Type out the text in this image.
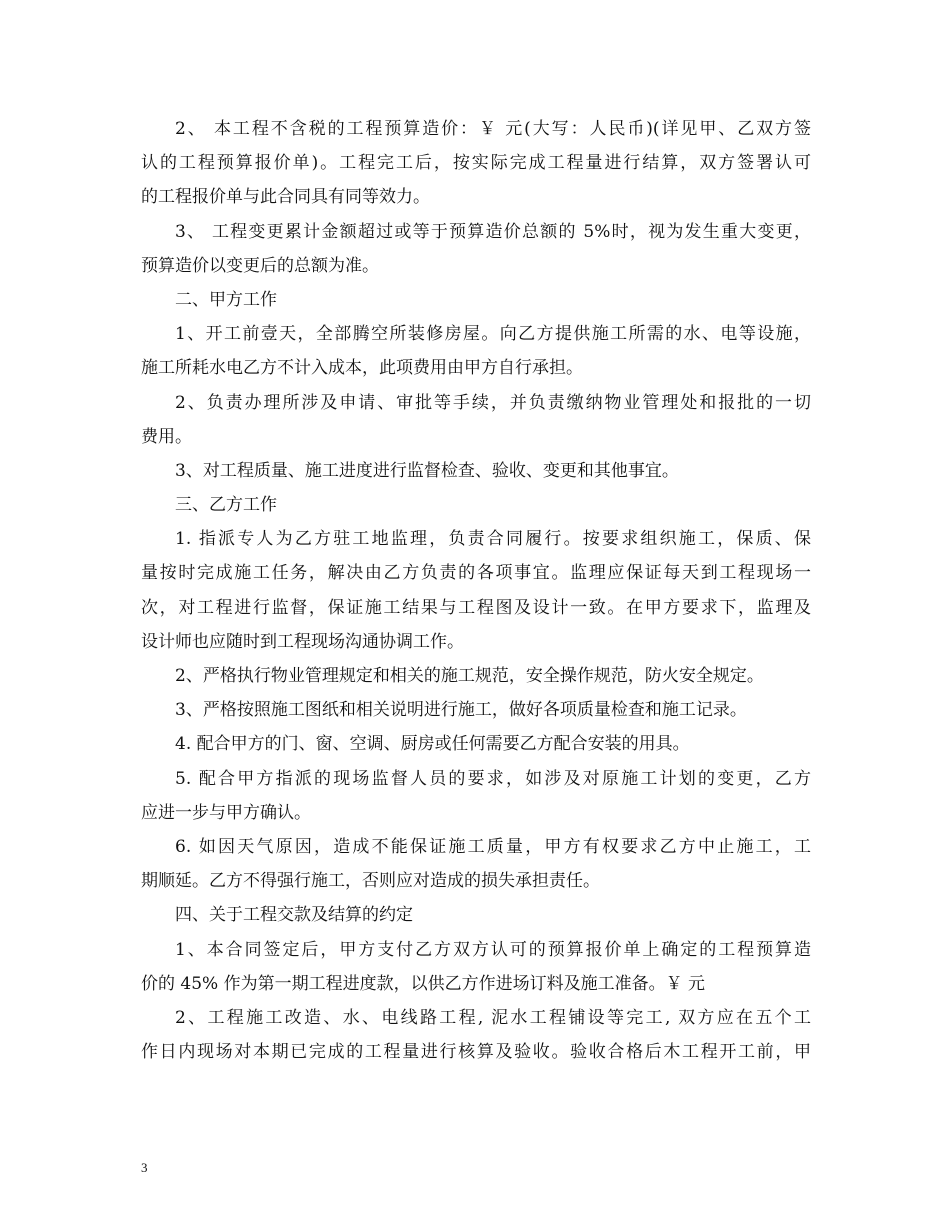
2、 本工程不含税的工程预算造价：￥ 元(大写：人民币)(详见甲、乙双方签
认的工程预算报价单)。工程完工后，按实际完成工程量进行结算，双方签署认可
的工程报价单与此合同具有同等效力。
3、 工程变更累计金额超过或等于预算造价总额的 5%时，视为发生重大变更，
预算造价以变更后的总额为准。
二、甲方工作
1、开工前壹天，全部腾空所装修房屋。向乙方提供施工所需的水、电等设施，
施工所耗水电乙方不计入成本，此项费用由甲方自行承担。
2、负责办理所涉及申请、审批等手续，并负责缴纳物业管理处和报批的一切
费用。
3、对工程质量、施工进度进行监督检查、验收、变更和其他事宜。
三、乙方工作
1. 指派专人为乙方驻工地监理，负责合同履行。按要求组织施工，保质、保
量按时完成施工任务，解决由乙方负责的各项事宜。监理应保证每天到工程现场一
次，对工程进行监督，保证施工结果与工程图及设计一致。在甲方要求下，监理及
设计师也应随时到工程现场沟通协调工作。
2、严格执行物业管理规定和相关的施工规范，安全操作规范，防火安全规定。
3、严格按照施工图纸和相关说明进行施工，做好各项质量检查和施工记录。
4. 配合甲方的门、窗、空调、厨房或任何需要乙方配合安装的用具。
5. 配合甲方指派的现场监督人员的要求，如涉及对原施工计划的变更，乙方
应进一步与甲方确认。
6. 如因天气原因，造成不能保证施工质量，甲方有权要求乙方中止施工，工
期顺延。乙方不得强行施工，否则应对造成的损失承担责任。
四、关于工程交款及结算的约定
1、本合同签定后，甲方支付乙方双方认可的预算报价单上确定的工程预算造
价的 45% 作为第一期工程进度款，以供乙方作进场订料及施工准备。￥ 元
2、工程施工改造、水、电线路工程, 泥水工程铺设等完工, 双方应在五个工
作日内现场对本期已完成的工程量进行核算及验收。验收合格后木工程开工前，甲
3
